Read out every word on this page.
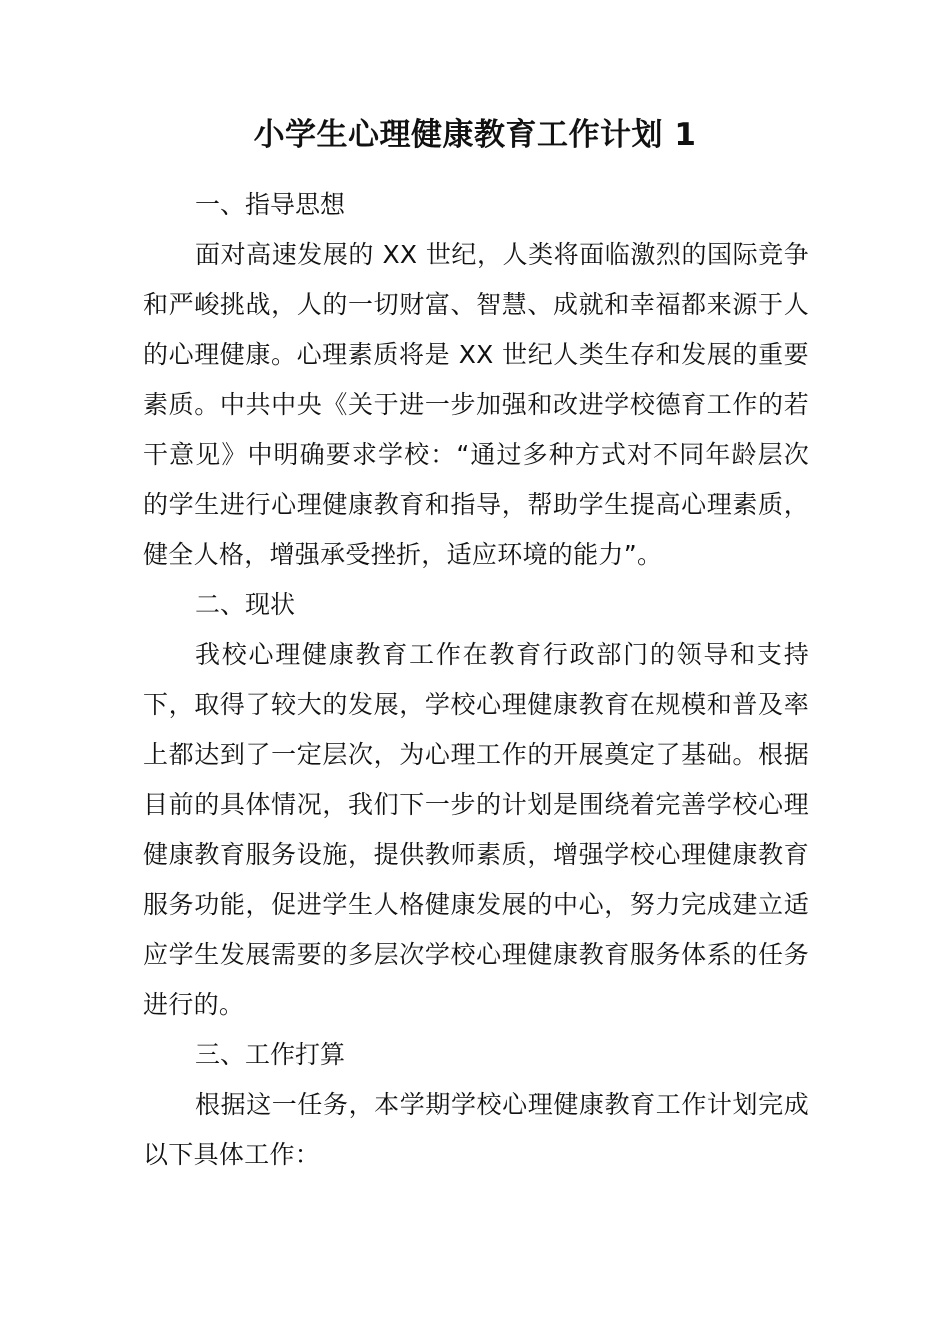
小学生心理健康教育工作计划 1

一、指导思想

面对高速发展的 XX 世纪，人类将面临激烈的国际竞争和严峻挑战，人的一切财富、智慧、成就和幸福都来源于人的心理健康。心理素质将是 XX 世纪人类生存和发展的重要素质。中共中央《关于进一步加强和改进学校德育工作的若干意见》中明确要求学校：“通过多种方式对不同年龄层次的学生进行心理健康教育和指导，帮助学生提高心理素质，健全人格，增强承受挫折，适应环境的能力”。

二、现状

我校心理健康教育工作在教育行政部门的领导和支持下，取得了较大的发展，学校心理健康教育在规模和普及率上都达到了一定层次，为心理工作的开展奠定了基础。根据目前的具体情况，我们下一步的计划是围绕着完善学校心理健康教育服务设施，提供教师素质，增强学校心理健康教育服务功能，促进学生人格健康发展的中心，努力完成建立适应学生发展需要的多层次学校心理健康教育服务体系的任务进行的。

三、工作打算

根据这一任务，本学期学校心理健康教育工作计划完成以下具体工作：
